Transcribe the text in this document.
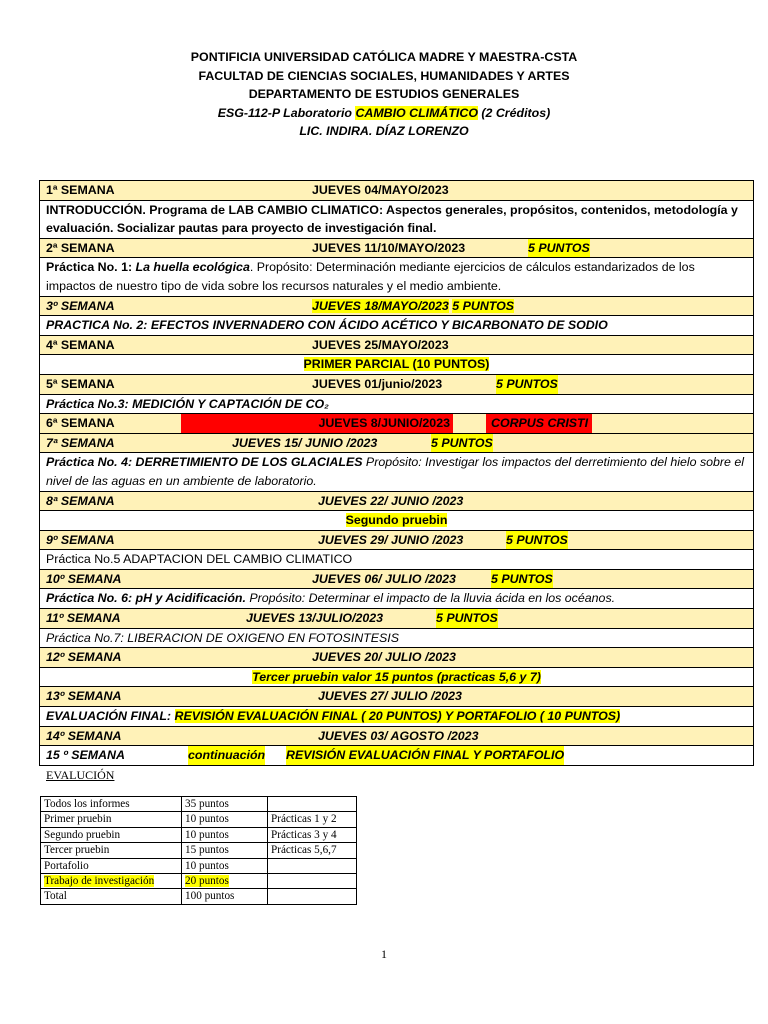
PONTIFICIA UNIVERSIDAD CATÓLICA MADRE Y MAESTRA-CSTA
FACULTAD DE CIENCIAS SOCIALES, HUMANIDADES Y ARTES
DEPARTAMENTO DE ESTUDIOS GENERALES
ESG-112-P Laboratorio CAMBIO CLIMÁTICO (2 Créditos)
LIC. INDIRA. DÍAZ LORENZO
1ª SEMANA	JUEVES 04/MAYO/2023

INTRODUCCIÓN. Programa de LAB CAMBIO CLIMATICO: Aspectos generales, propósitos, contenidos, metodología y evaluación. Socializar pautas para proyecto de investigación final.

2ª SEMANA	JUEVES 11/10/MAYO/2023	5 PUNTOS

Práctica No. 1: La huella ecológica. Propósito: Determinación mediante ejercicios de cálculos estandarizados de los impactos de nuestro tipo de vida sobre los recursos naturales y el medio ambiente.

3º SEMANA	JUEVES 18/MAYO/2023 5 PUNTOS

PRACTICA No. 2: EFECTOS INVERNADERO CON ÁCIDO ACÉTICO Y BICARBONATO DE SODIO

4ª SEMANA	JUEVES 25/MAYO/2023

PRIMER PARCIAL (10 PUNTOS)

5ª SEMANA	JUEVES 01/junio/2023	5 PUNTOS

Práctica No.3: MEDICIÓN Y CAPTACIÓN DE CO₂

6ª SEMANA	JUEVES 8/JUNIO/2023	CORPUS CRISTI

7ª SEMANA	JUEVES 15/ JUNIO /2023	5 PUNTOS

Práctica No. 4: DERRETIMIENTO DE LOS GLACIALES Propósito: Investigar los impactos del derretimiento del hielo sobre el nivel de las aguas en un ambiente de laboratorio.

8ª SEMANA	JUEVES 22/ JUNIO /2023

Segundo pruebin

9º SEMANA	JUEVES 29/ JUNIO /2023	5 PUNTOS

Práctica No.5 ADAPTACION DEL CAMBIO CLIMATICO

10º SEMANA	JUEVES 06/ JULIO /2023	5 PUNTOS

Práctica No. 6: pH y Acidificación. Propósito: Determinar el impacto de la lluvia ácida en los océanos.

11º SEMANA	JUEVES 13/JULIO/2023	5 PUNTOS

Práctica No.7: LIBERACION DE OXIGENO EN FOTOSINTESIS

12º SEMANA	JUEVES 20/ JULIO /2023

Tercer pruebin valor 15 puntos (practicas 5,6 y 7)

13º SEMANA	JUEVES 27/ JULIO /2023

EVALUACIÓN FINAL: REVISIÓN EVALUACIÓN FINAL ( 20 PUNTOS) Y PORTAFOLIO ( 10 PUNTOS)

14º SEMANA	JUEVES 03/ AGOSTO /2023

15 º SEMANA	continuación REVISIÓN EVALUACIÓN FINAL Y PORTAFOLIO
EVALUCIÓN
Todos los informes	35 puntos	
Primer pruebin	10 puntos	Prácticas 1 y 2
Segundo pruebin	10 puntos	Prácticas 3 y 4
Tercer pruebin	15 puntos	Prácticas 5,6,7
Portafolio	10 puntos	
Trabajo de investigación	20 puntos	
Total	100 puntos	
1
